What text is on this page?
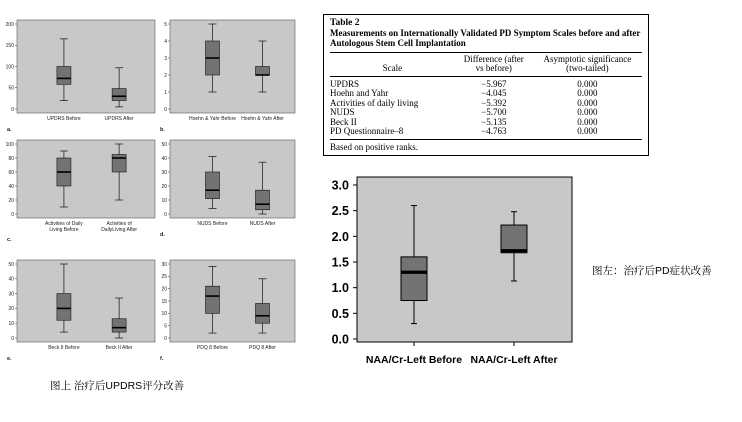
0
50
100
150
200
UPDRS Before	UPDRS After
a.
0
1
2
3
4
5
Hoehn & Yahr Before Hoehn & Yahr After
b.
0
20
40
60
80
100
Activities of Daily Living Before
Activities of DailyLiving After
c.
0
10
20
30
40
50
NUDS Before	NUDS After
d.
0
10
20
30
40
50
Beck II Before	Beck II After
e.
0
5
10
15
20
25
30
PDQ 8 Before	PDQ 8 After
f.
Table 2
Measurements on Internationally Validated PD Symptom Scales before and after
Autologous Stem Cell Implantation
Scale	Difference (after
vs before)	Asymptotic significance
(two-tailed)
UPDRS	−5.967	0.000
Hoehn and Yahr	−4.045	0.000
Activities of daily living	−5.392	0.000
NUDS	−5.700	0.000
Beck II	−5.135	0.000
PD Questionnaire–8	−4.763	0.000
Based on positive ranks.
0.0
0.5
1.0
1.5
2.0
2.5
3.0
NAA/Cr-Left Before NAA/Cr-Left After
图上 治疗后UPDRS评分改善
图左：治疗后PD症状改善
